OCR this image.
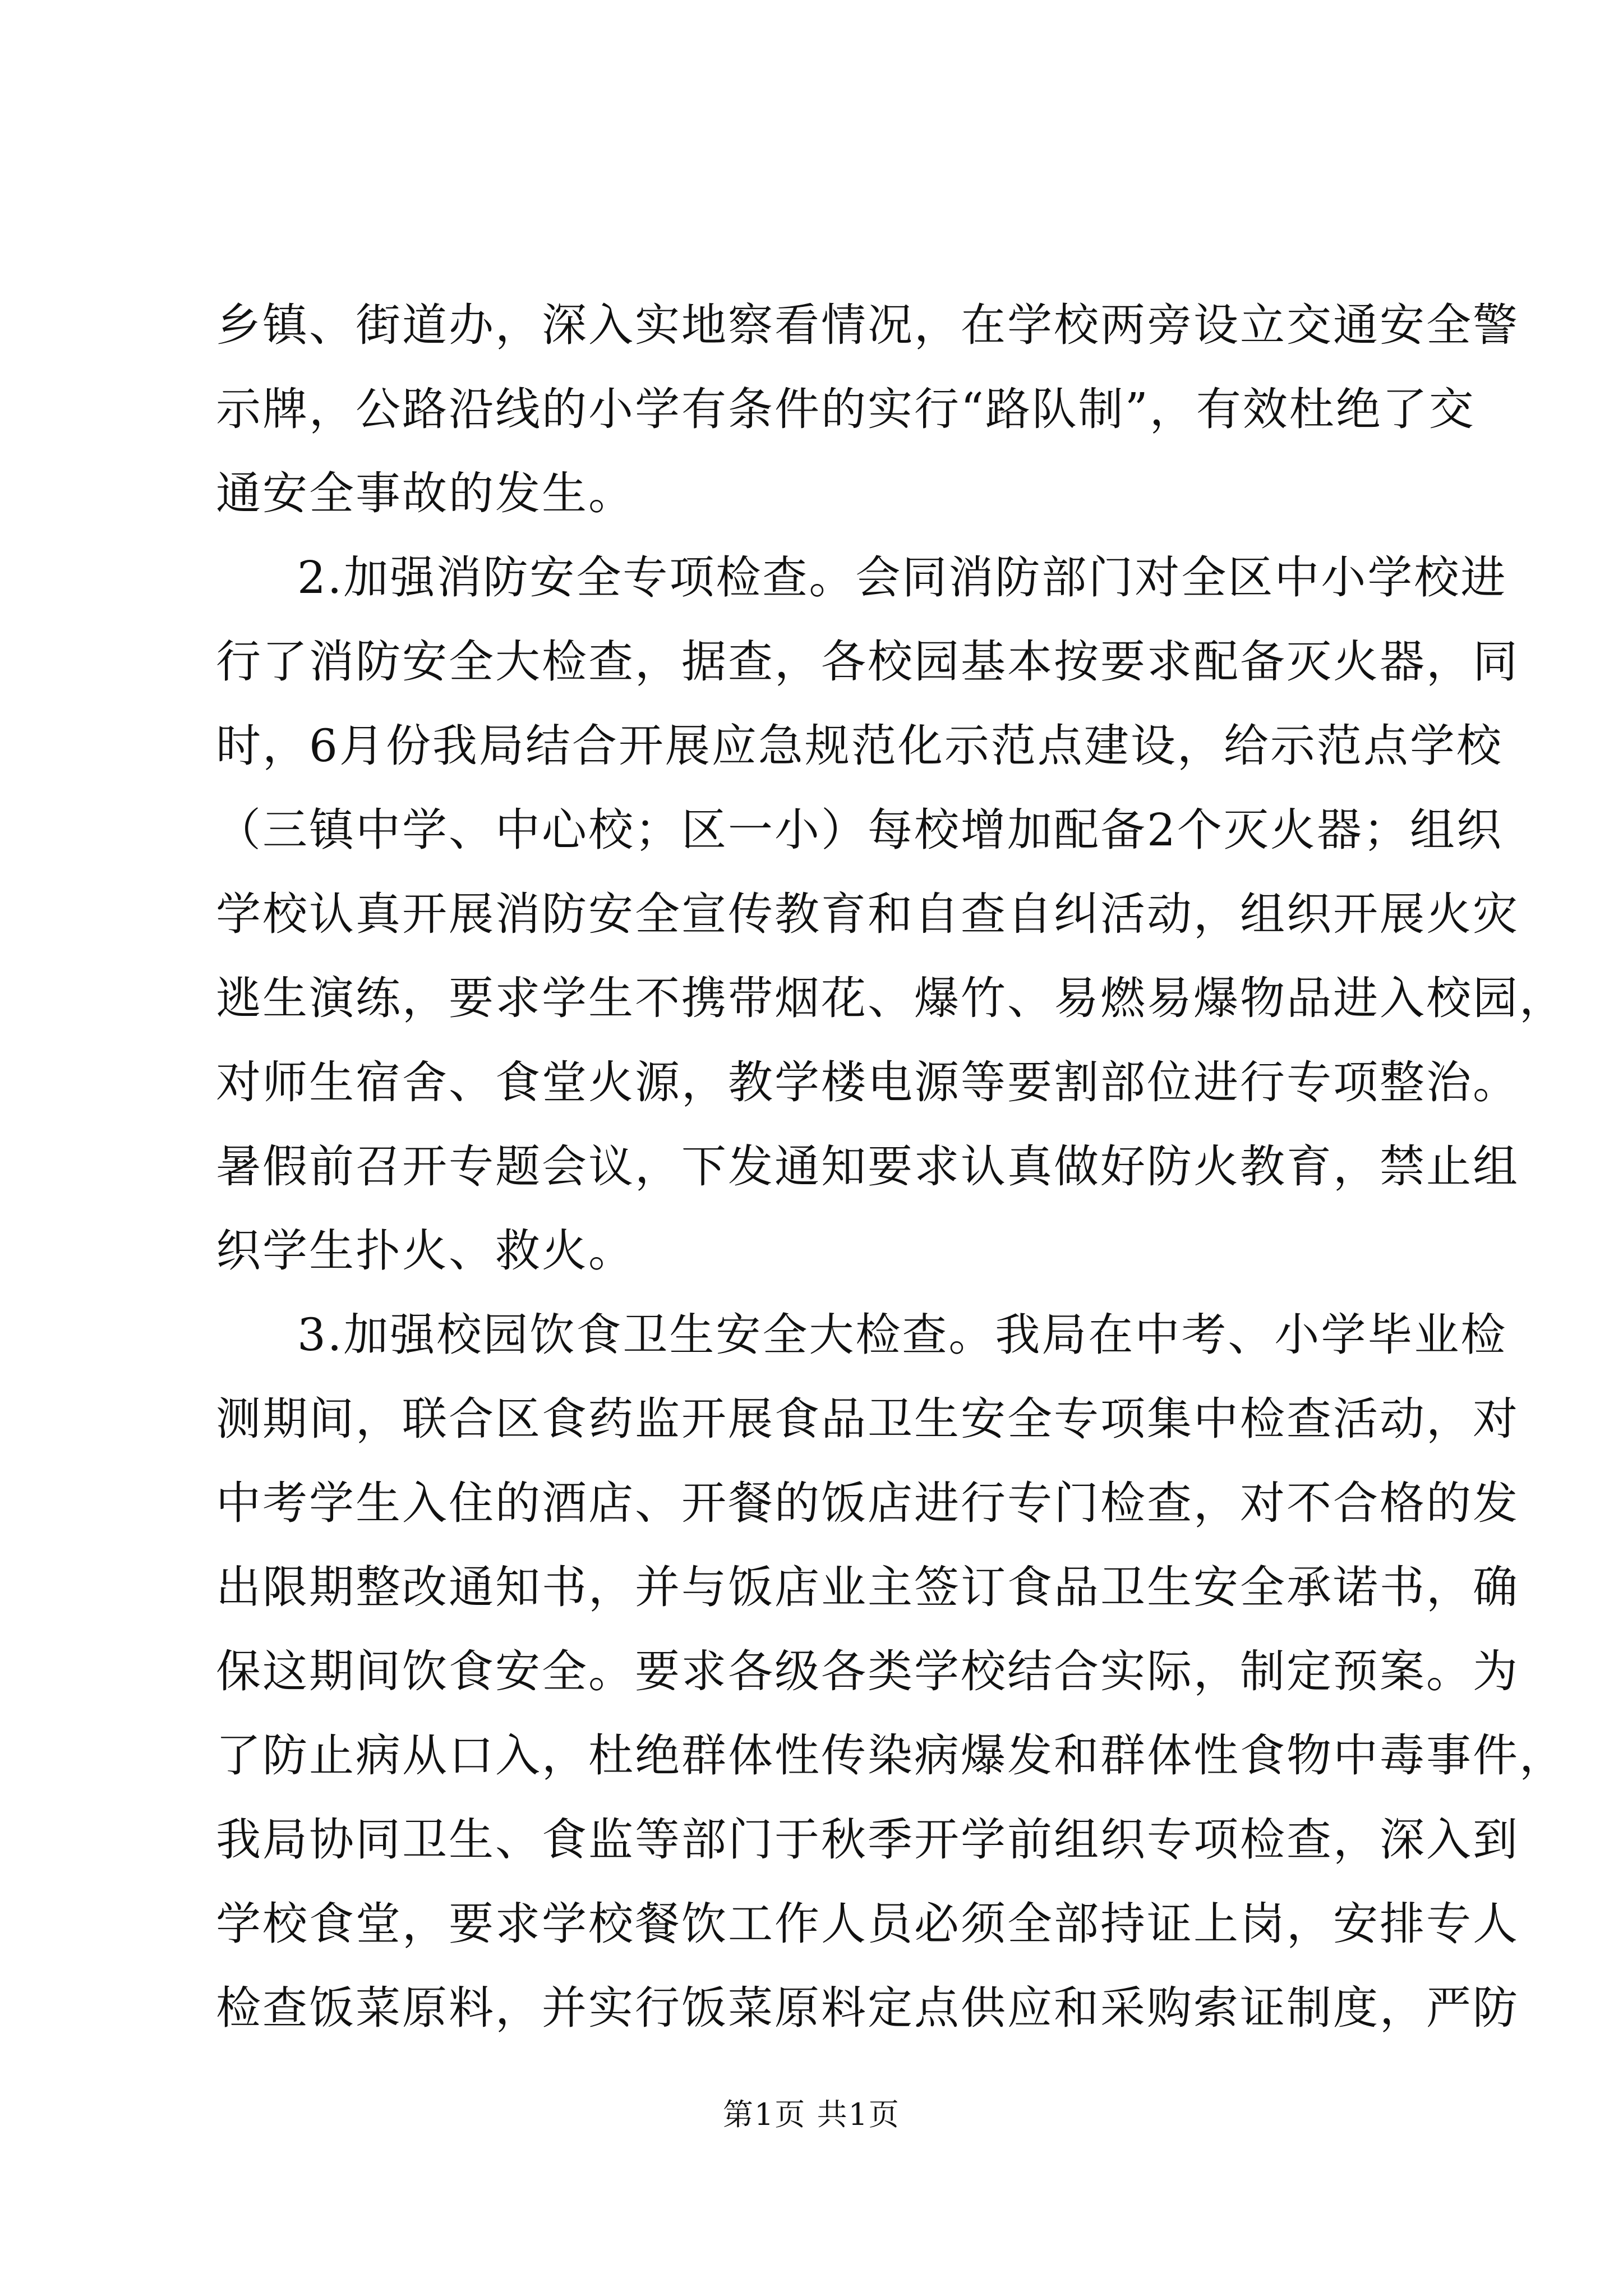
乡镇、街道办，深入实地察看情况，在学校两旁设立交通安全警
示牌，公路沿线的小学有条件的实行“路队制”，有效杜绝了交
通安全事故的发生。
2.加强消防安全专项检查。会同消防部门对全区中小学校进
行了消防安全大检查，据查，各校园基本按要求配备灭火器，同
时，6月份我局结合开展应急规范化示范点建设，给示范点学校
（三镇中学、中心校；区一小）每校增加配备2个灭火器；组织
学校认真开展消防安全宣传教育和自查自纠活动，组织开展火灾
逃生演练，要求学生不携带烟花、爆竹、易燃易爆物品进入校园，
对师生宿舍、食堂火源，教学楼电源等要割部位进行专项整治。
暑假前召开专题会议，下发通知要求认真做好防火教育，禁止组
织学生扑火、救火。
3.加强校园饮食卫生安全大检查。我局在中考、小学毕业检
测期间，联合区食药监开展食品卫生安全专项集中检查活动，对
中考学生入住的酒店、开餐的饭店进行专门检查，对不合格的发
出限期整改通知书，并与饭店业主签订食品卫生安全承诺书，确
保这期间饮食安全。要求各级各类学校结合实际，制定预案。为
了防止病从口入，杜绝群体性传染病爆发和群体性食物中毒事件，
我局协同卫生、食监等部门于秋季开学前组织专项检查，深入到
学校食堂，要求学校餐饮工作人员必须全部持证上岗，安排专人
检查饭菜原料，并实行饭菜原料定点供应和采购索证制度，严防
第1页 共1页
